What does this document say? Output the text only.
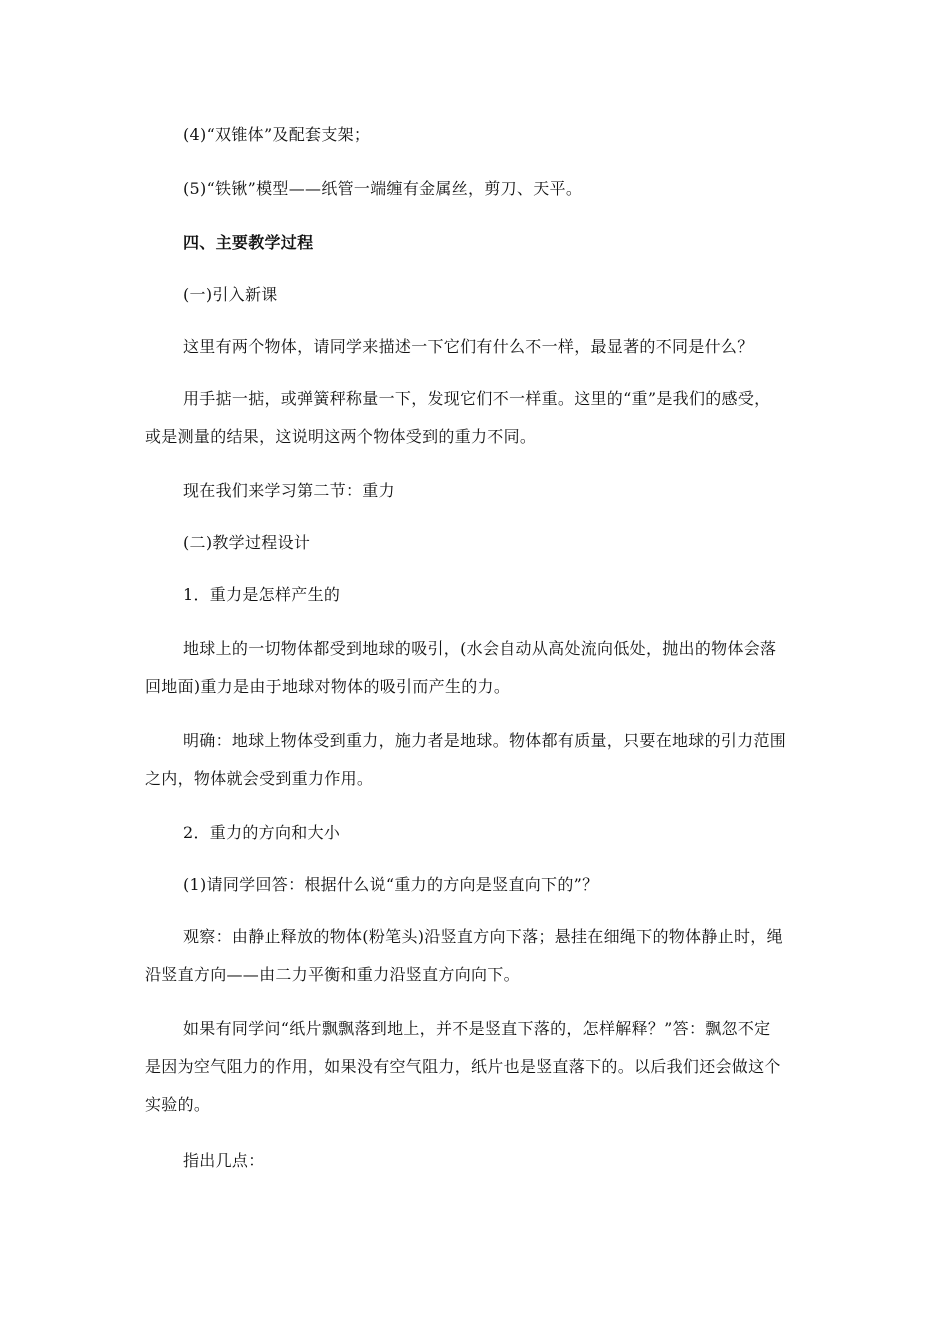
(4)“双锥体”及配套支架；
(5)“铁锹”模型——纸管一端缠有金属丝，剪刀、天平。
四、主要教学过程
(一)引入新课
这里有两个物体，请同学来描述一下它们有什么不一样，最显著的不同是什么？
用手掂一掂，或弹簧秤称量一下，发现它们不一样重。这里的“重”是我们的感受，
或是测量的结果，这说明这两个物体受到的重力不同。
现在我们来学习第二节：重力
(二)教学过程设计
1．重力是怎样产生的
地球上的一切物体都受到地球的吸引，(水会自动从高处流向低处，抛出的物体会落
回地面)重力是由于地球对物体的吸引而产生的力。
明确：地球上物体受到重力，施力者是地球。物体都有质量，只要在地球的引力范围
之内，物体就会受到重力作用。
2．重力的方向和大小
(1)请同学回答：根据什么说“重力的方向是竖直向下的”？
观察：由静止释放的物体(粉笔头)沿竖直方向下落；悬挂在细绳下的物体静止时，绳
沿竖直方向——由二力平衡和重力沿竖直方向向下。
如果有同学问“纸片飘飘落到地上，并不是竖直下落的，怎样解释？”答：飘忽不定
是因为空气阻力的作用，如果没有空气阻力，纸片也是竖直落下的。以后我们还会做这个
实验的。
指出几点：
